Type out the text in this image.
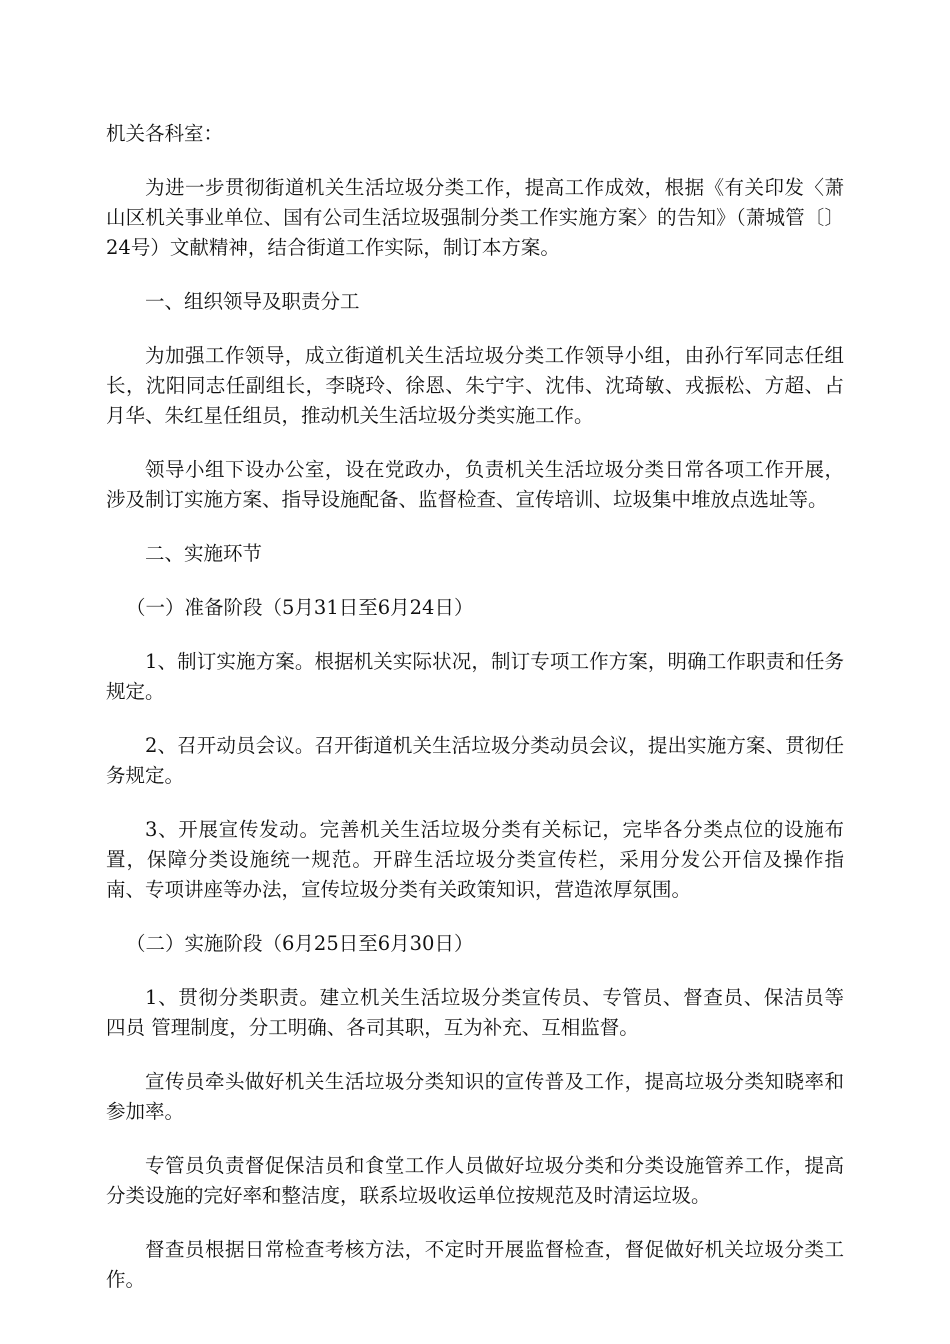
机关各科室：

为进一步贯彻街道机关生活垃圾分类工作，提高工作成效，根据《有关印发〈萧山区机关事业单位、国有公司生活垃圾强制分类工作实施方案〉的告知》（萧城管〔〕24号）文献精神，结合街道工作实际，制订本方案。

一、组织领导及职责分工

为加强工作领导，成立街道机关生活垃圾分类工作领导小组，由孙行军同志任组长，沈阳同志任副组长，李晓玲、徐恩、朱宁宇、沈伟、沈琦敏、戎振松、方超、占月华、朱红星任组员，推动机关生活垃圾分类实施工作。

领导小组下设办公室，设在党政办，负责机关生活垃圾分类日常各项工作开展，涉及制订实施方案、指导设施配备、监督检查、宣传培训、垃圾集中堆放点选址等。

二、实施环节

（一）准备阶段（5月31日至6月24日）

1、制订实施方案。根据机关实际状况，制订专项工作方案，明确工作职责和任务规定。

2、召开动员会议。召开街道机关生活垃圾分类动员会议，提出实施方案、贯彻任务规定。

3、开展宣传发动。完善机关生活垃圾分类有关标记，完毕各分类点位的设施布置，保障分类设施统一规范。开辟生活垃圾分类宣传栏，采用分发公开信及操作指南、专项讲座等办法，宣传垃圾分类有关政策知识，营造浓厚氛围。

（二）实施阶段（6月25日至6月30日）

1、贯彻分类职责。建立机关生活垃圾分类宣传员、专管员、督查员、保洁员等 四员 管理制度，分工明确、各司其职，互为补充、互相监督。

宣传员牵头做好机关生活垃圾分类知识的宣传普及工作，提高垃圾分类知晓率和参加率。

专管员负责督促保洁员和食堂工作人员做好垃圾分类和分类设施管养工作，提高分类设施的完好率和整洁度，联系垃圾收运单位按规范及时清运垃圾。

督查员根据日常检查考核方法，不定时开展监督检查，督促做好机关垃圾分类工作。
